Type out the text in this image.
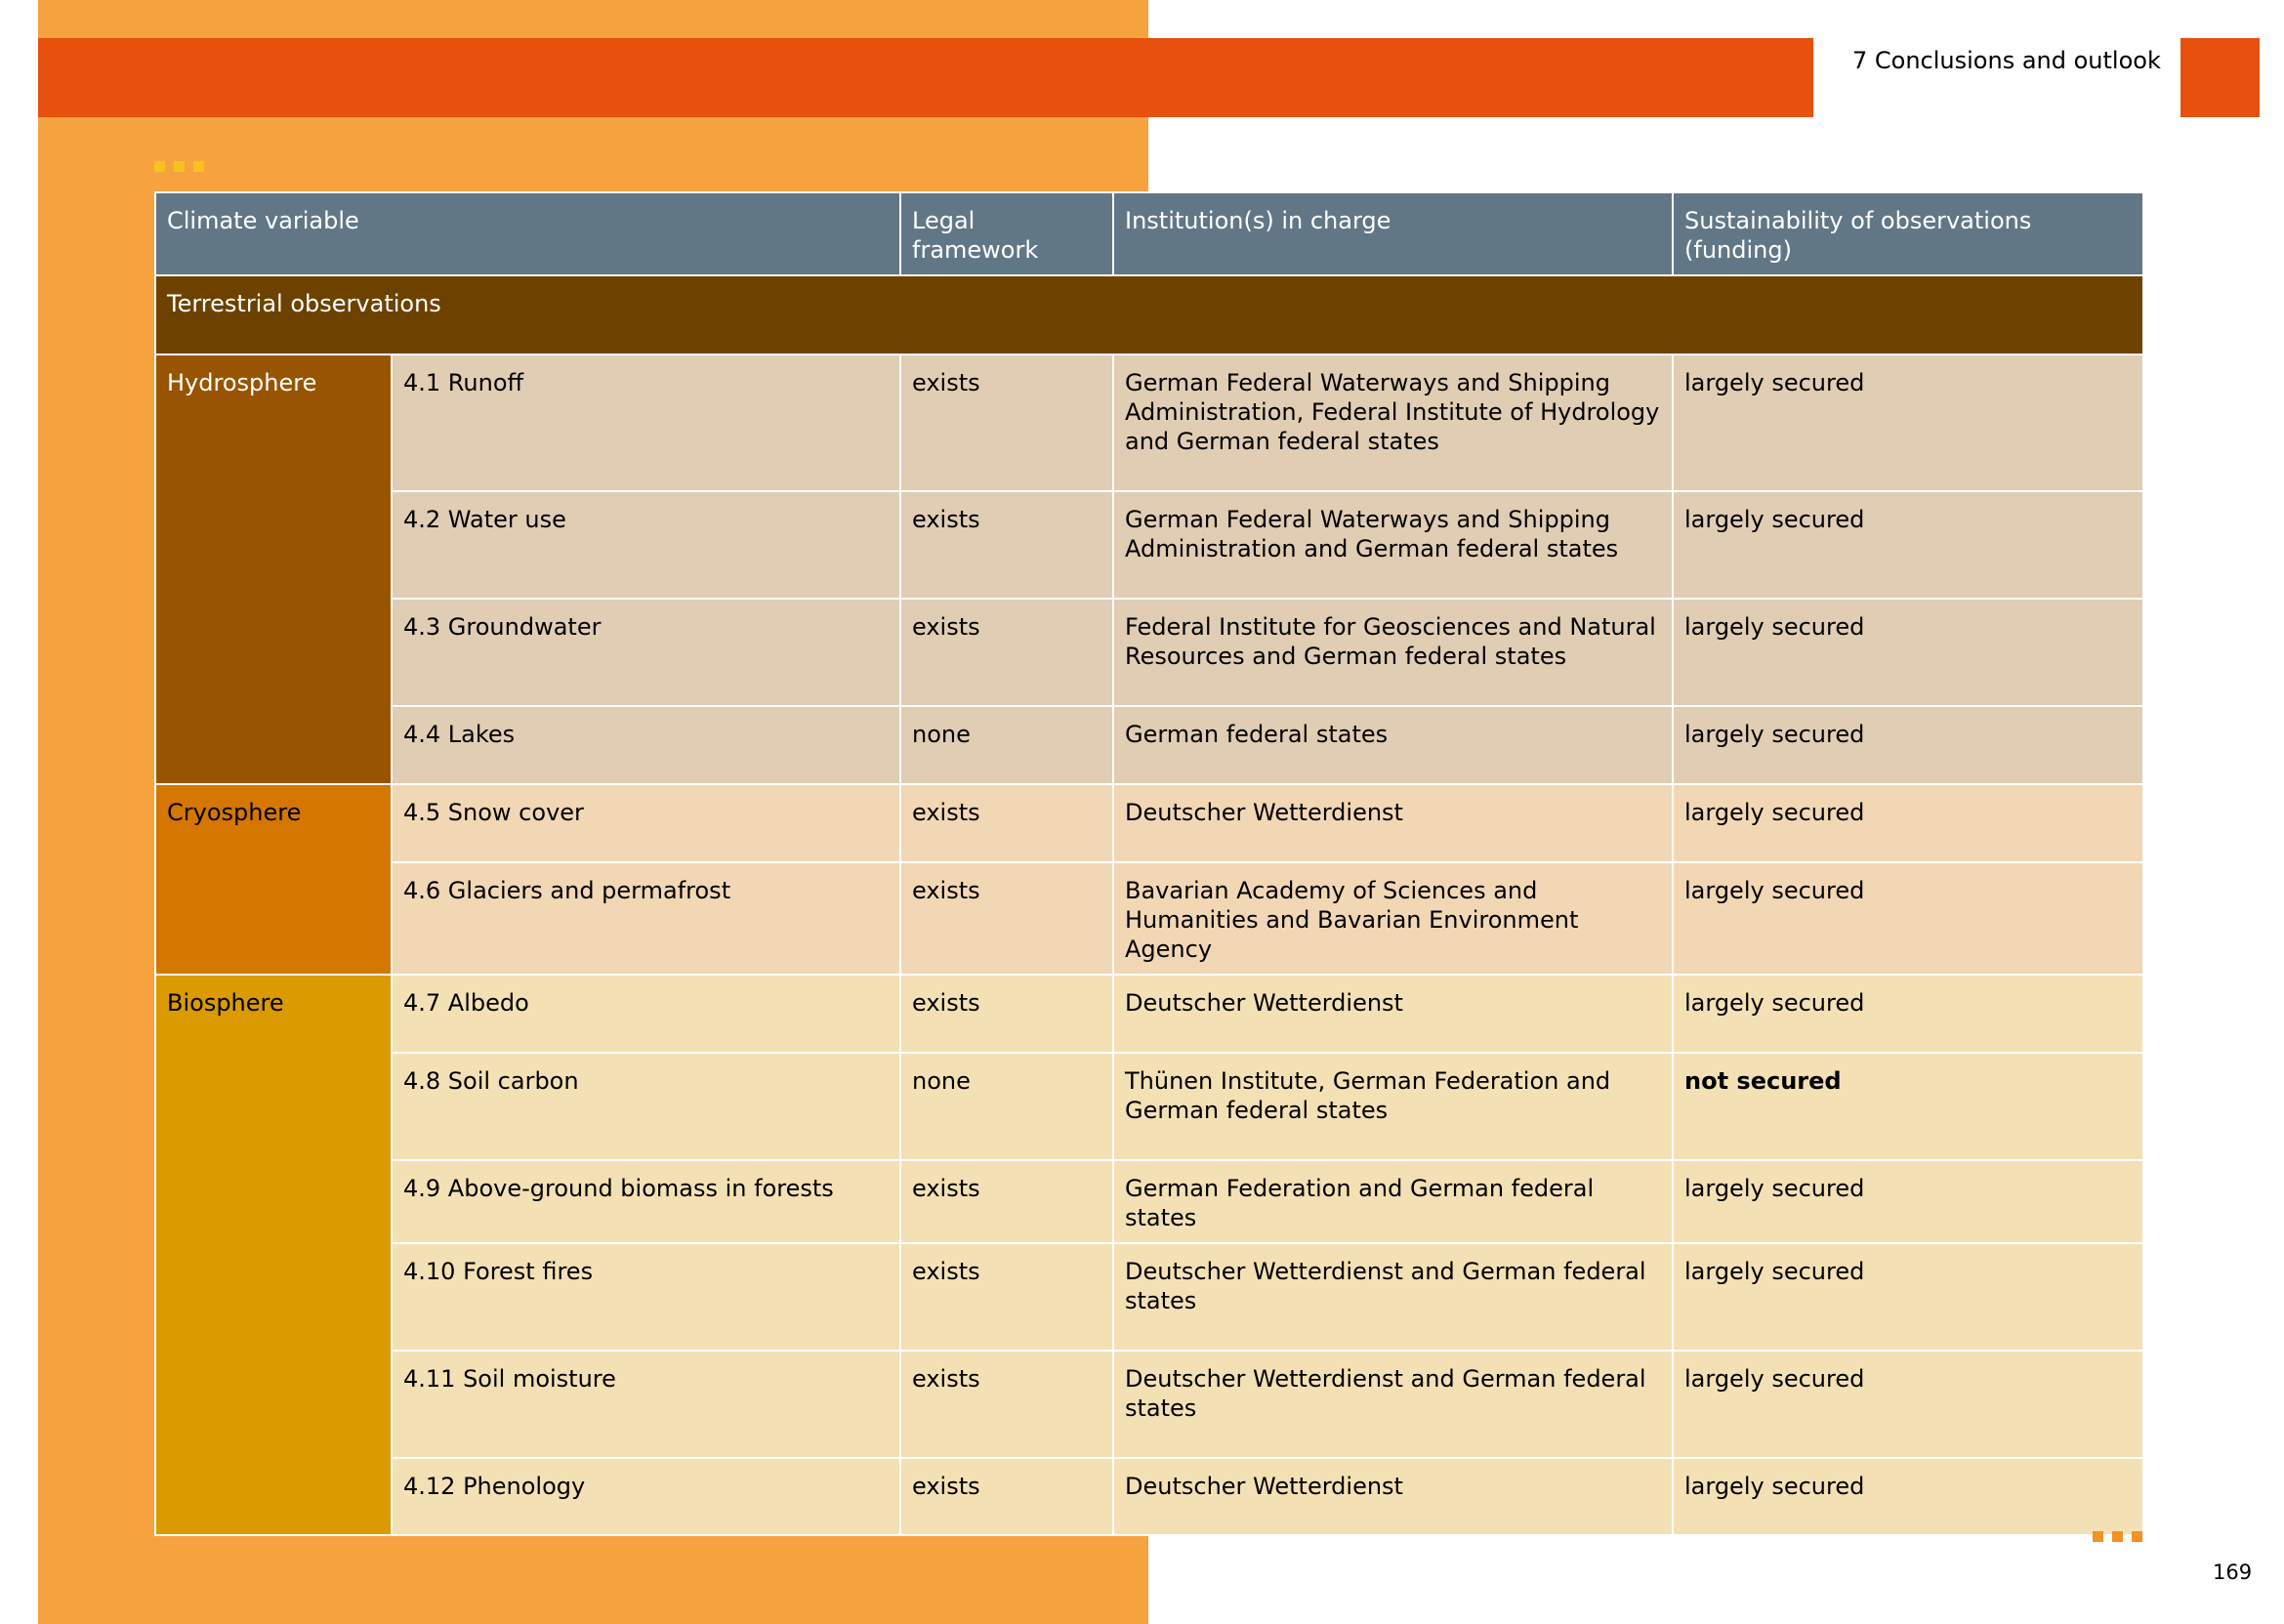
7 Conclusions and outlook
Climate variable		Legal framework	Institution(s) in charge	Sustainability of observations (funding)
Terrestrial observations				
Hydrosphere	4.1 Runoff	exists	German Federal Waterways and Shipping Administration, Federal Institute of Hydrology and German federal states	largely secured
	4.2 Water use	exists	German Federal Waterways and Shipping Administration and German federal states	largely secured
	4.3 Groundwater	exists	Federal Institute for Geosciences and Natural Resources and German federal states	largely secured
	4.4 Lakes	none	German federal states	largely secured
Cryosphere	4.5 Snow cover	exists	Deutscher Wetterdienst	largely secured
	4.6 Glaciers and permafrost	exists	Bavarian Academy of Sciences and Humanities and Bavarian Environment Agency	largely secured
Biosphere	4.7 Albedo	exists	Deutscher Wetterdienst	largely secured
	4.8 Soil carbon	none	Thünen Institute, German Federation and German federal states	not secured
	4.9 Above-ground biomass in forests	exists	German Federation and German federal states	largely secured
	4.10 Forest fires	exists	Deutscher Wetterdienst and German federal states	largely secured
	4.11 Soil moisture	exists	Deutscher Wetterdienst and German federal states	largely secured
	4.12 Phenology	exists	Deutscher Wetterdienst	largely secured
169
